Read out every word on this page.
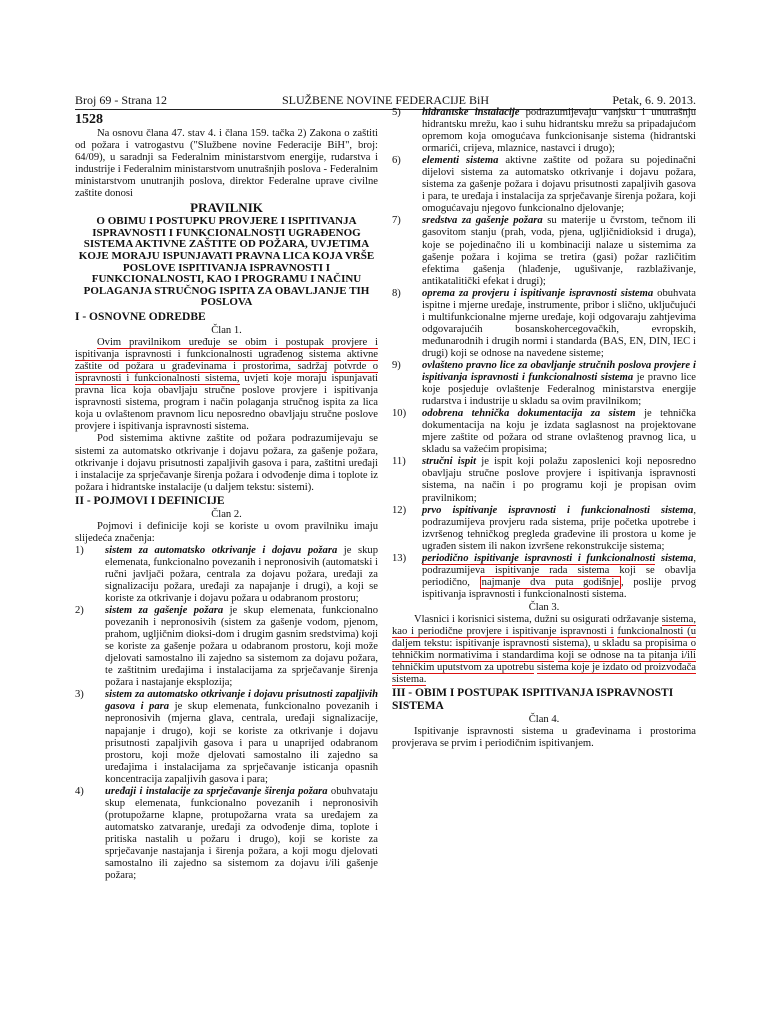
Broj 69 - Strana 12	SLUŽBENE NOVINE FEDERACIJE BiH	Petak, 6. 9. 2013.
1528

Na osnovu člana 47. stav 4. i člana 159. tačka 2) Zakona o zaštiti od požara i vatrogastvu ("Službene novine Federacije BiH", broj: 64/09), u saradnji sa Federalnim ministarstvom energije, rudarstva i industrije i Federalnim ministarstvom unutrašnjih poslova - Federalnim ministarstvom unutranjih poslova, direktor Federalne uprave civilne zaštite donosi

PRAVILNIK
O OBIMU I POSTUPKU PROVJERE I ISPITIVANJA ISPRAVNOSTI I FUNKCIONALNOSTI UGRAĐENOG SISTEMA AKTIVNE ZAŠTITE OD POŽARA, UVJETIMA KOJE MORAJU ISPUNJAVATI PRAVNA LICA KOJA VRŠE POSLOVE ISPITIVANJA ISPRAVNOSTI I FUNKCIONALNOSTI, KAO I PROGRAMU I NAČINU POLAGANJA STRUČNOG ISPITA ZA OBAVLJANJE TIH POSLOVA
I - OSNOVNE ODREDBE
Član 1.

Ovim pravilnikom uređuje se obim i postupak provjere i ispitivanja ispravnosti i funkcionalnosti ugrađenog sistema aktivne zaštite od požara u građevinama i prostorima, sadržaj potvrde o ispravnosti i funkcionalnosti sistema, uvjeti koje moraju ispunjavati pravna lica koja obavljaju stručne poslove provjere i ispitivanja ispravnosti sistema, program i način polaganja stručnog ispita za lica koja u ovlaštenom pravnom licu neposredno obavljaju stručne poslove provjere i ispitivanja ispravnosti sistema.

Pod sistemima aktivne zaštite od požara podrazumijevaju se sistemi za automatsko otkrivanje i dojavu požara, za gašenje požara, otkrivanje i dojavu prisutnosti zapaljivih gasova i para, zaštitni uređaji i instalacije za sprječavanje širenja požara i odvođenje dima i toplote iz požara i hidrantske instalacije (u daljem tekstu: sistemi).

II - POJMOVI I DEFINICIJE
Član 2.

Pojmovi i definicije koji se koriste u ovom pravilniku imaju slijedeća značenja:

1)	sistem za automatsko otkrivanje i dojavu požara je skup elemenata, funkcionalno povezanih i nepronosivih (automatski i ručni javljači požara, centrala za dojavu požara, uređaji za signalizaciju požara, uređaji za napajanje i drugi), a koji se koriste za otkrivanje i dojavu požara u odabranom prostoru;
2)	sistem za gašenje požara je skup elemenata, funkcionalno povezanih i nepronosivih (sistem za gašenje vodom, pjenom, prahom, ugljičnim dioksi-dom i drugim gasnim sredstvima) koji se koriste za gašenje požara u odabranom prostoru, koji može djelovati samostalno ili zajedno sa sistemom za dojavu požara, te zaštitnim uređajima i instalacijama za sprječavanje širenja požara i nastajanje eksplozija;
3)	sistem za automatsko otkrivanje i dojavu prisutnosti zapaljivih gasova i para je skup elemenata, funkcionalno povezanih i nepronosivih (mjerna glava, centrala, uređaji signalizacije, napajanje i drugo), koji se koriste za otkrivanje i dojavu prisutnosti zapaljivih gasova i para u unaprijed odabranom prostoru, koji može djelovati samostalno ili zajedno sa uređajima i instalacijama za sprječavanje isticanja opasnih koncentracija zapaljivih gasova i para;
4)	uređaji i instalacije za sprječavanje širenja požara obuhvataju skup elemenata, funkcionalno povezanih i nepronosivih (protupožarne klapne, protupožarna vrata sa uređajem za automatsko zatvaranje, uređaji za odvođenje dima, toplote i pritiska nastalih u požaru i drugo), koji se koriste za sprječavanje nastajanja i širenja požara, a koji mogu djelovati samostalno ili zajedno sa sistemom za dojavu i/ili gašenje požara;
5)	hidrantske instalacije podrazumijevaju vanjsku i unutrašnju hidrantsku mrežu, kao i suhu hidrantsku mrežu sa pripadajućom opremom koja omogućava funkcionisanje sistema (hidrantski ormarići, crijeva, mlaznice, nastavci i drugo);
6)	elementi sistema aktivne zaštite od požara su pojedinačni dijelovi sistema za automatsko otkrivanje i dojavu požara, sistema za gašenje požara i dojavu prisutnosti zapaljivih gasova i para, te uređaja i instalacija za sprječavanje širenja požara, koji omogućavaju njegovo funkcionalno djelovanje;
7)	sredstva za gašenje požara su materije u čvrstom, tečnom ili gasovitom stanju (prah, voda, pjena, ugljičnidioksid i druga), koje se pojedinačno ili u kombinaciji nalaze u sistemima za gašenje požara i kojima se tretira (gasi) požar različitim efektima gašenja (hlađenje, ugušivanje, razblaživanje, antikatalitički efekat i drugi);
8)	oprema za provjeru i ispitivanje ispravnosti sistema obuhvata ispitne i mjerne uređaje, instrumente, pribor i slično, uključujući i multifunkcionalne mjerne uređaje, koji odgovaraju zahtjevima odgovarajućih bosanskohercegovačkih, evropskih, međunarodnih i drugih normi i standarda (BAS, EN, DIN, IEC i drugi) koji se odnose na navedene sisteme;
9)	ovlašteno pravno lice za obavljanje stručnih poslova provjere i ispitivanja ispravnosti i funkcionalnosti sistema je pravno lice koje posjeduje ovlaštenje Federalnog ministarstva energije rudarstva i industrije u skladu sa ovim pravilnikom;
10)	odobrena tehnička dokumentacija za sistem je tehnička dokumentacija na koju je izdata saglasnost na projektovane mjere zaštite od požara od strane ovlaštenog pravnog lica, u skladu sa važećim propisima;
11)	stručni ispit je ispit koji polažu zaposlenici koji neposredno obavljaju stručne poslove provjere i ispitivanja ispravnosti sistema, na način i po programu koji je propisan ovim pravilnikom;
12)	prvo ispitivanje ispravnosti i funkcionalnosti sistema, podrazumijeva provjeru rada sistema, prije početka upotrebe i izvršenog tehničkog pregleda građevine ili prostora u kome je ugrađen sistem ili nakon izvršene rekonstrukcije sistema;
13)	periodično ispitivanje ispravnosti i funkcionalnosti sistema, podrazumijeva ispitivanje rada sistema koji se obavlja periodično, najmanje dva puta godišnje , poslije prvog ispitivanja ispravnosti i funkcionalnosti sistema.
Član 3.

Vlasnici i korisnici sistema, dužni su osigurati održavanje sistema, kao i periodične provjere i ispitivanje ispravnosti i funkcionalnosti (u daljem tekstu: ispitivanje ispravnosti sistema), u skladu sa propisima o tehničkim normativima i standardima koji se odnose na ta pitanja i/ili tehničkim uputstvom za upotrebu sistema koje je izdato od proizvođača sistema.

III - OBIM I POSTUPAK ISPITIVANJA ISPRAVNOSTI SISTEMA
Član 4.

Ispitivanje ispravnosti sistema u građevinama i prostorima provjerava se prvim i periodičnim ispitivanjem.
